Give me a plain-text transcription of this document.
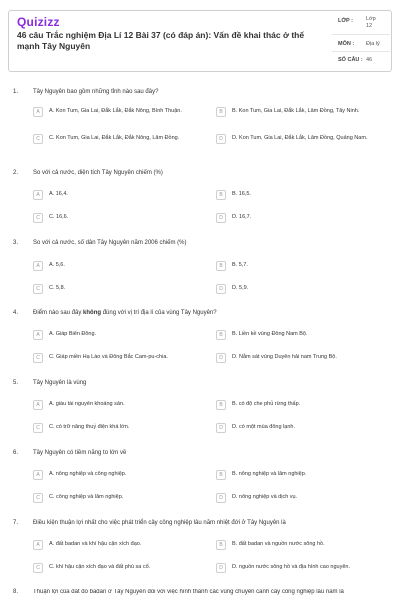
Quizizz
46 câu Trắc nghiệm Địa Lí 12 Bài 37 (có đáp án): Vấn đề khai thác ở thế mạnh Tây Nguyên
LỚP : Lớp 12
MÔN : Địa lý
SỐ CÂU : 46
1. Tây Nguyên bao gồm những tỉnh nào sau đây?
A	A. Kon Tum, Gia Lai, Đắk Lắk, Đắk Nông, Bình Thuận.	B	B. Kon Tum, Gia Lai, Đắk Lắk, Lâm Đồng, Tây Ninh.
C	C. Kon Tum, Gia Lai, Đắk Lắk, Đắk Nông, Lâm Đồng.	D	D. Kon Tum, Gia Lai, Đắk Lắk, Lâm Đồng, Quảng Nam.
2. So với cả nước, diện tích Tây Nguyên chiếm (%)
A	A. 16,4.	B	B. 16,5.
C	C. 16,6.	D	D. 16,7.
3. So với cả nước, số dân Tây Nguyên năm 2006 chiếm (%)
A	A. 5,6.	B	B. 5,7.
C	C. 5,8.	D	D. 5,9.
4. Điểm nào sau đây không đúng với vị trí địa lí của vùng Tây Nguyên?
A	A. Giáp Biển Đông.	B	B. Liền kề vùng Đông Nam Bộ.
C	C. Giáp miền Hạ Lào và Đông Bắc Cam-pu-chia.	D	D. Nằm sát vùng Duyên hải nam Trung Bộ.
5. Tây Nguyên là vùng
A	A. giàu tài nguyên khoáng sản.	B	B. có độ che phủ rừng thấp.
C	C. có trữ năng thuỷ điện khá lớn.	D	D. có một mùa đông lạnh.
6. Tây Nguyên có tiềm năng to lớn về
A	A. nông nghiệp và công nghiệp.	B	B. nông nghiệp và lâm nghiệp.
C	C. công nghiệp và lâm nghiệp.	D	D. nông nghiệp và dịch vụ.
7. Điều kiện thuận lợi nhất cho việc phát triển cây công nghiệp lâu năm nhiệt đới ở Tây Nguyên là
A	A. đất badan và khí hậu cận xích đạo.	B	B. đất badan và nguồn nước sông hồ.
C	C. khí hậu cận xích đạo và đất phù sa cổ.	D	D. nguồn nước sông hồ và địa hình cao nguyên.
8. Thuận lợi của đất đỏ badan ở Tây Nguyên đối với việc hình thành các vùng chuyên canh cây công nghiệp lâu năm là
